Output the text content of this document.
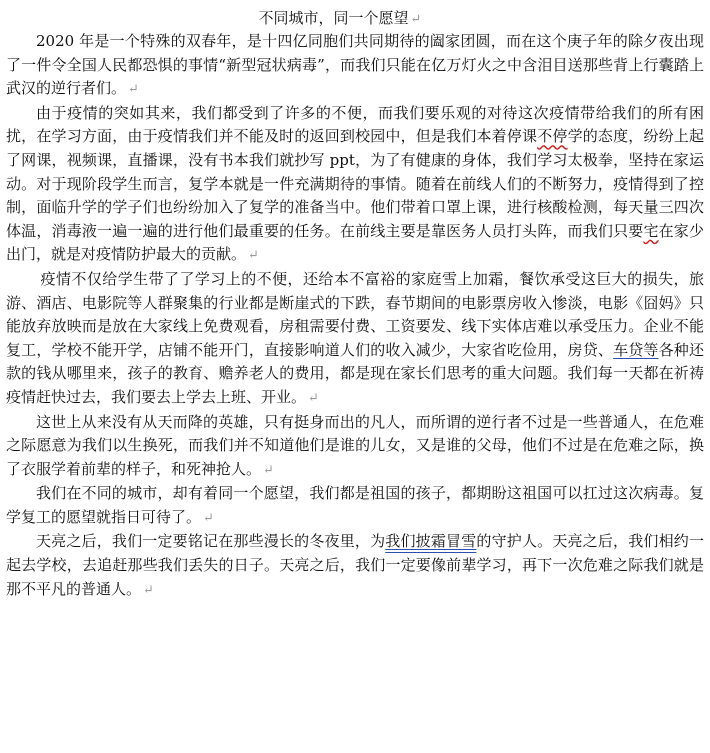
不同城市，同一个愿望 ↵

2020 年是一个特殊的双春年，是十四亿同胞们共同期待的阖家团圆，而在这个庚子年的除夕夜出现了一件令全国人民都恐惧的事情“新型冠状病毒”，而我们只能在亿万灯火之中含泪目送那些背上行囊踏上武汉的逆行者们。 ↵

由于疫情的突如其来，我们都受到了许多的不便，而我们要乐观的对待这次疫情带给我们的所有困扰，在学习方面，由于疫情我们并不能及时的返回到校园中，但是我们本着停课不停学的态度，纷纷上起了网课，视频课，直播课，没有书本我们就抄写 ppt，为了有健康的身体，我们学习太极拳，坚持在家运动。对于现阶段学生而言，复学本就是一件充满期待的事情。随着在前线人们的不断努力，疫情得到了控制，面临升学的学子们也纷纷加入了复学的准备当中。他们带着口罩上课，进行核酸检测，每天量三四次体温，消毒液一遍一遍的进行他们最重要的任务。在前线主要是靠医务人员打头阵，而我们只要宅在家少出门，就是对疫情防护最大的贡献。 ↵

疫情不仅给学生带了了学习上的不便，还给本不富裕的家庭雪上加霜，餐饮承受这巨大的损失，旅游、酒店、电影院等人群聚集的行业都是断崖式的下跌，春节期间的电影票房收入惨淡，电影《囧妈》只能放弃放映而是放在大家线上免费观看，房租需要付费、工资要发、线下实体店难以承受压力。企业不能复工，学校不能开学，店铺不能开门，直接影响道人们的收入减少，大家省吃俭用，房贷、车贷等各种还款的钱从哪里来，孩子的教育、赡养老人的费用，都是现在家长们思考的重大问题。我们每一天都在祈祷疫情赶快过去，我们要去上学去上班、开业。 ↵

这世上从来没有从天而降的英雄，只有挺身而出的凡人，而所谓的逆行者不过是一些普通人，在危难之际愿意为我们以生换死，而我们并不知道他们是谁的儿女，又是谁的父母，他们不过是在危难之际，换了衣服学着前辈的样子，和死神抢人。 ↵

我们在不同的城市，却有着同一个愿望，我们都是祖国的孩子，都期盼这祖国可以扛过这次病毒。复学复工的愿望就指日可待了。 ↵

天亮之后，我们一定要铭记在那些漫长的冬夜里，为我们披霜冒雪的守护人。天亮之后，我们相约一起去学校，去追赶那些我们丢失的日子。天亮之后，我们一定要像前辈学习，再下一次危难之际我们就是那不平凡的普通人。 ↵
